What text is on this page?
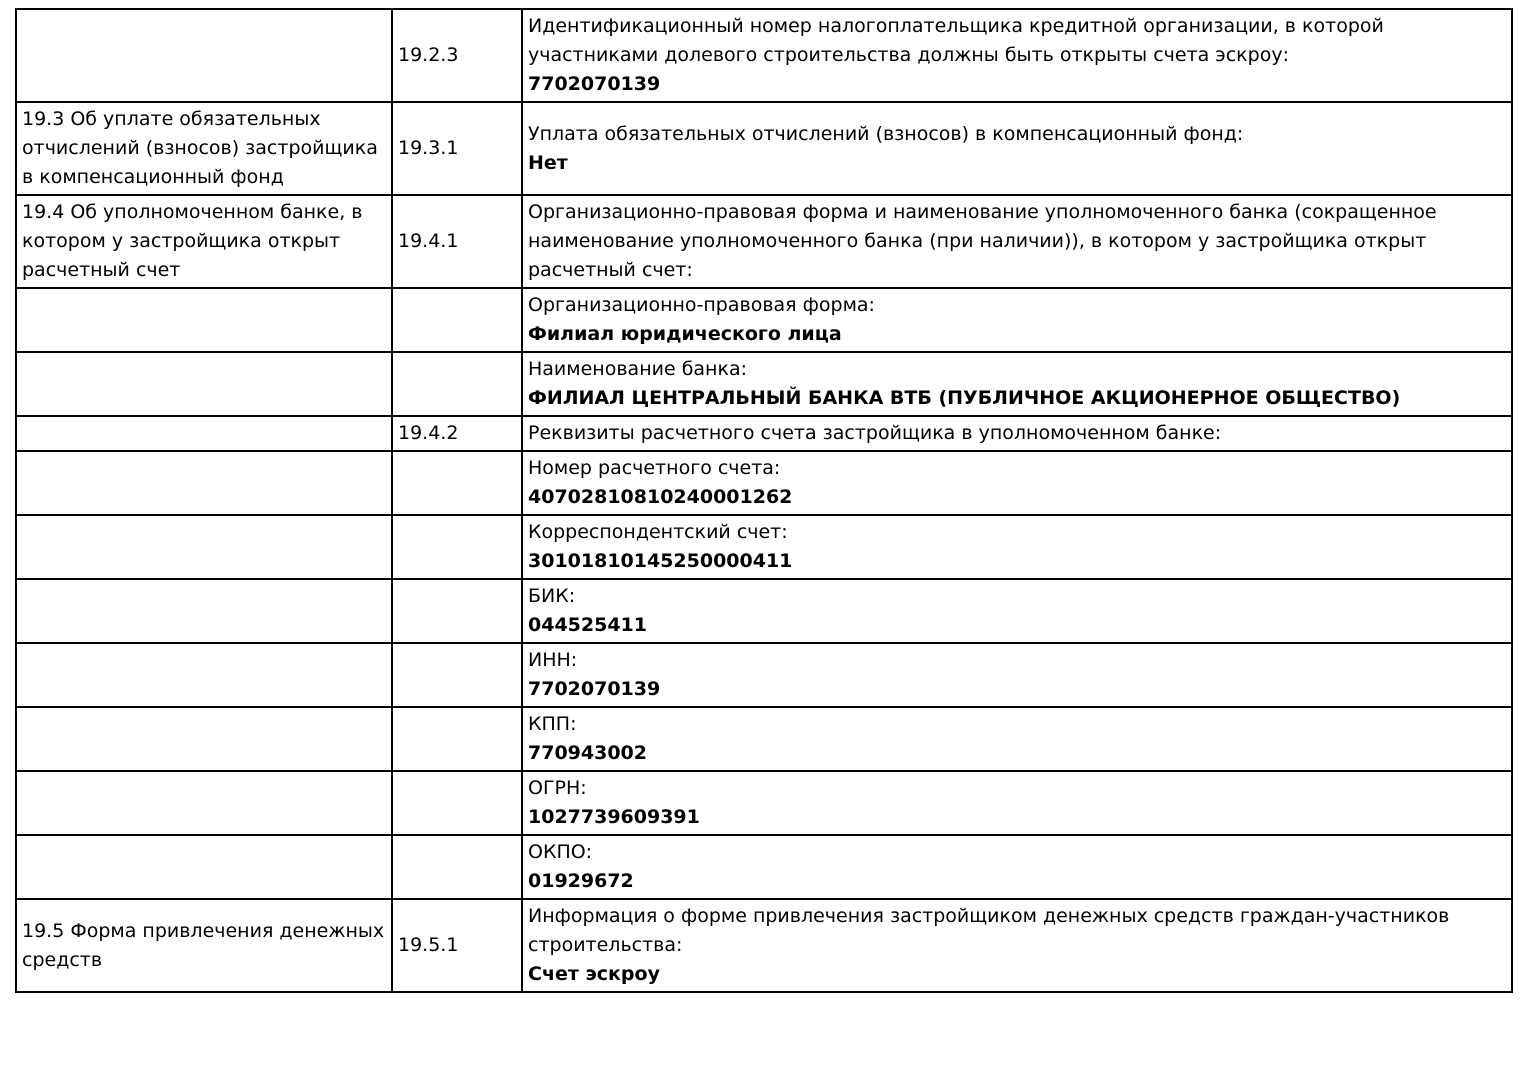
	19.2.3	Идентификационный номер налогоплательщика кредитной организации, в которой участниками долевого строительства должны быть открыты счета эскроу:
7702070139

19.3 Об уплате обязательных отчислений (взносов) застройщика в компенсационный фонд	19.3.1	Уплата обязательных отчислений (взносов) в компенсационный фонд:
Нет

19.4 Об уполномоченном банке, в котором у застройщика открыт расчетный счет	19.4.1	Организационно-правовая форма и наименование уполномоченного банка (сокращенное наименование уполномоченного банка (при наличии)), в котором у застройщика открыт расчетный счет:

		Организационно-правовая форма:
Филиал юридического лица

		Наименование банка:
ФИЛИАЛ ЦЕНТРАЛЬНЫЙ БАНКА ВТБ (ПУБЛИЧНОЕ АКЦИОНЕРНОЕ ОБЩЕСТВО)

	19.4.2	Реквизиты расчетного счета застройщика в уполномоченном банке:

		Номер расчетного счета:
40702810810240001262

		Корреспондентский счет:
30101810145250000411

		БИК:
044525411

		ИНН:
7702070139

		КПП:
770943002

		ОГРН:
1027739609391

		ОКПО:
01929672

19.5 Форма привлечения денежных средств	19.5.1	Информация о форме привлечения застройщиком денежных средств граждан-участников строительства:
Счет эскроу
